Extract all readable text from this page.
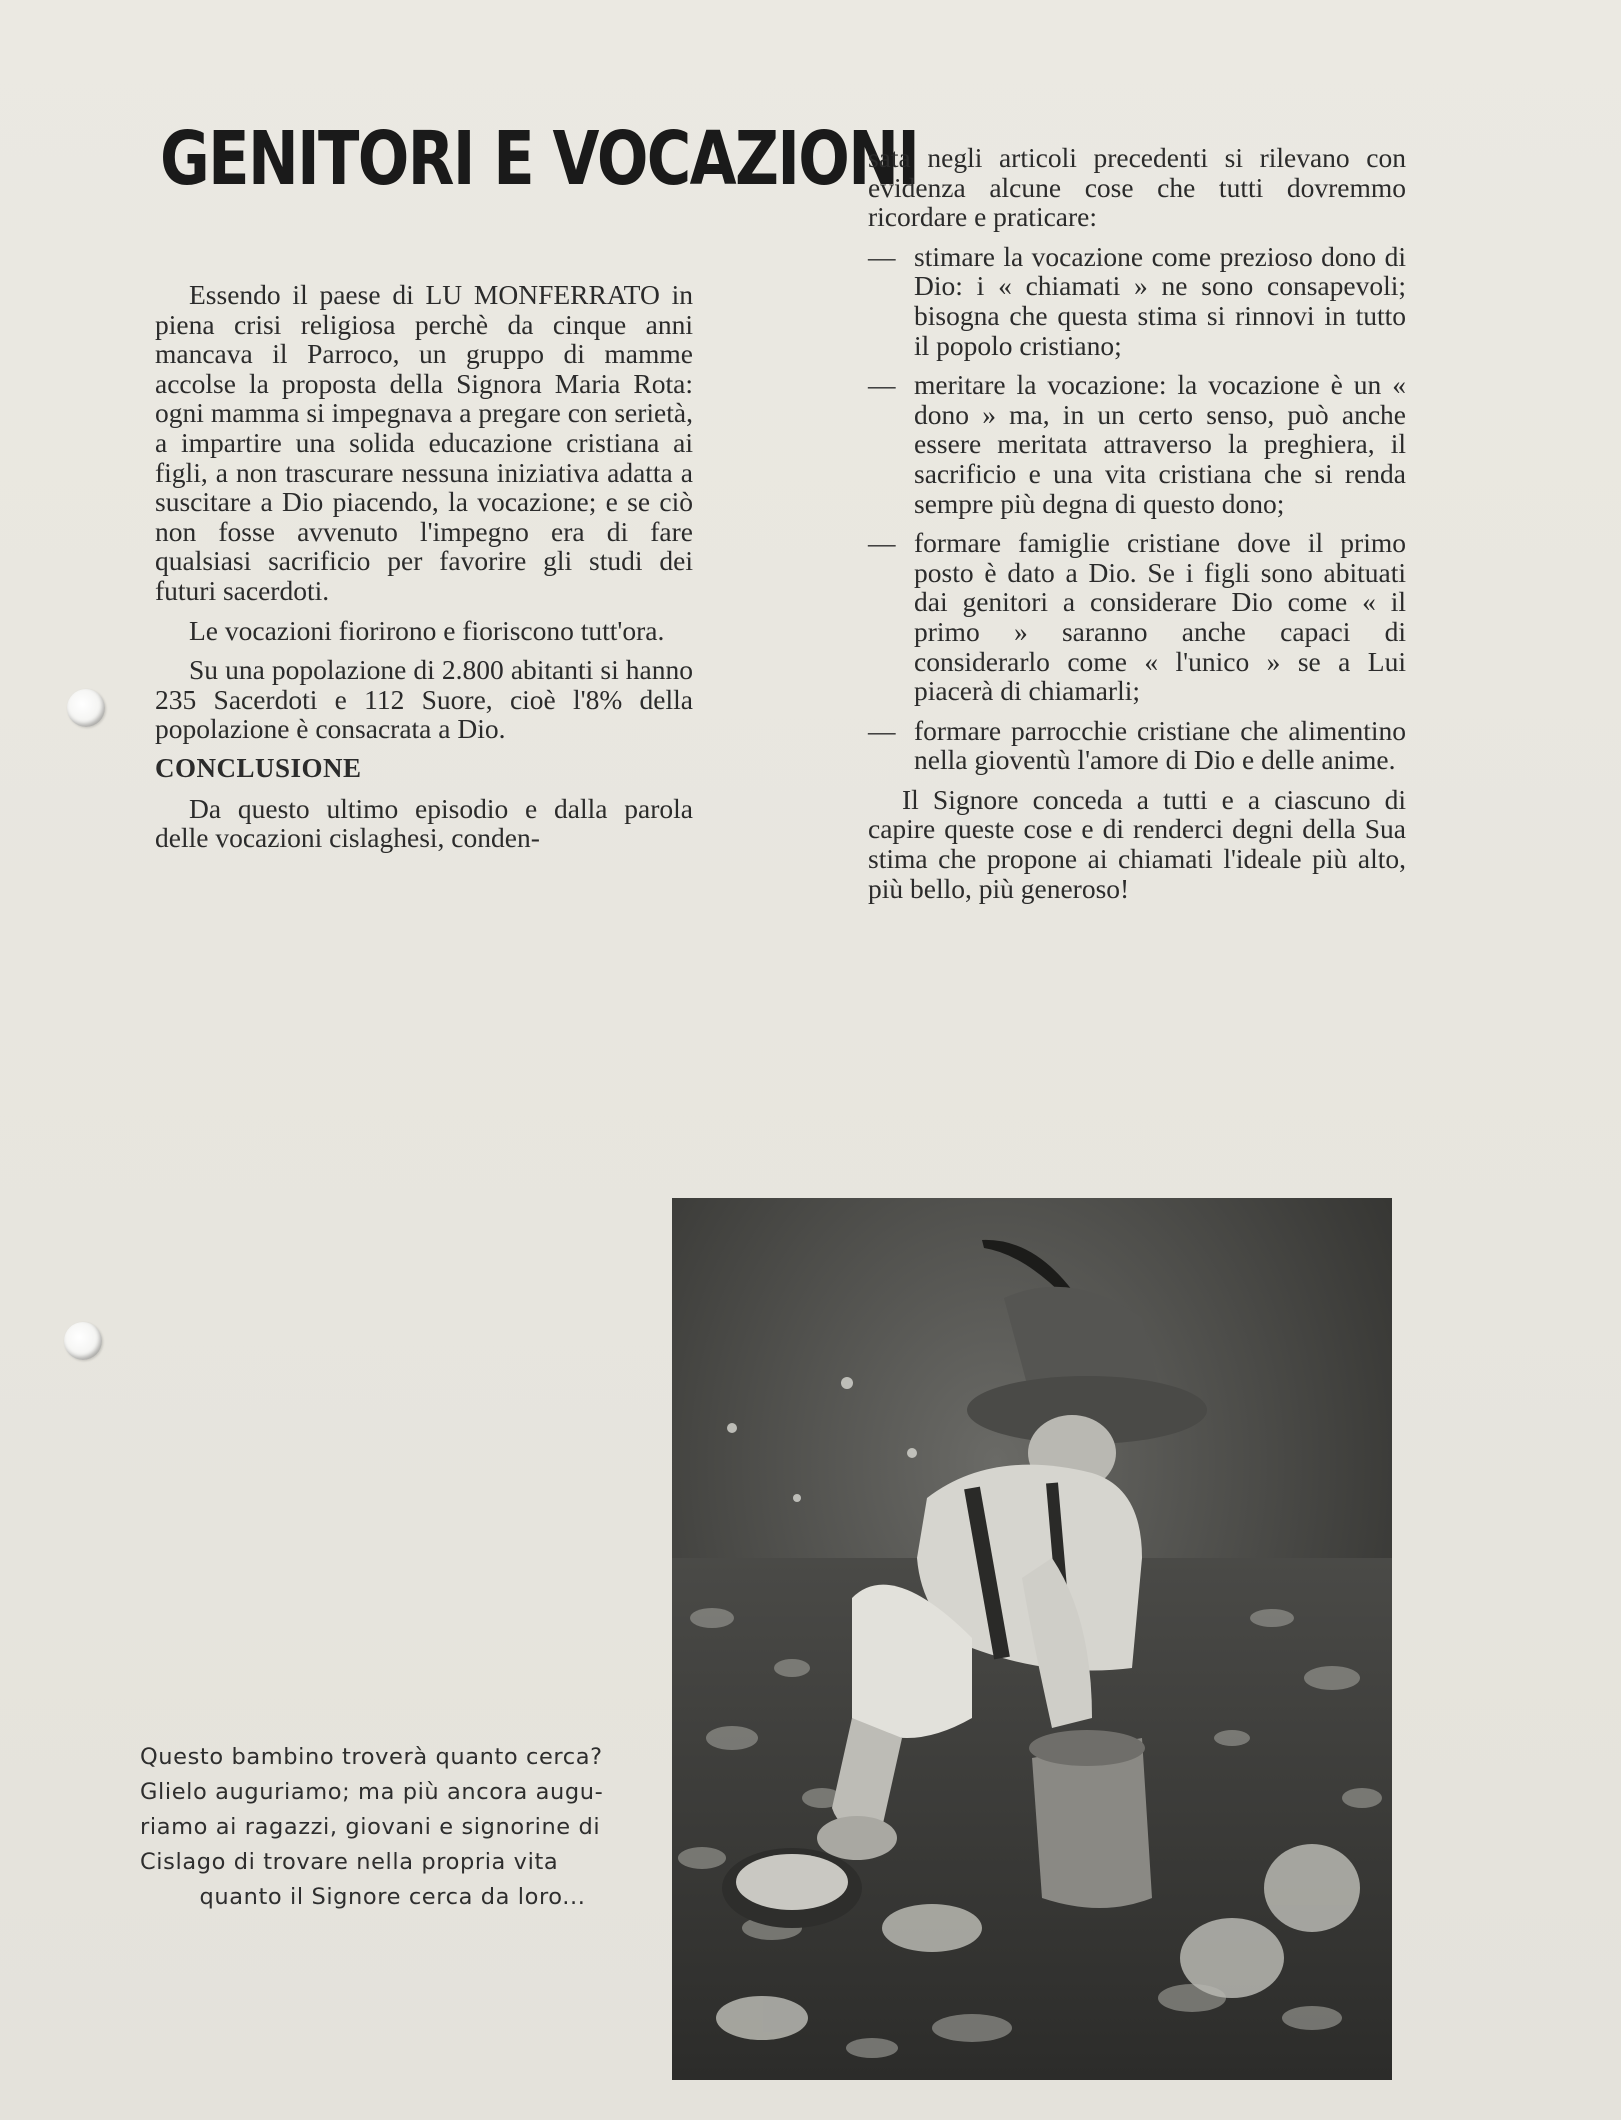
GENITORI E VOCAZIONI

Essendo il paese di LU MONFERRATO in piena crisi religiosa perchè da cinque anni mancava il Parroco, un gruppo di mamme accolse la proposta della Signora Maria Rota: ogni mamma si impegnava a pregare con serietà, a impartire una solida educazione cristiana ai figli, a non trascurare nessuna iniziativa adatta a suscitare a Dio piacendo, la vocazione; e se ciò non fosse avvenuto l'impegno era di fare qualsiasi sacrificio per favorire gli studi dei futuri sacerdoti.

Le vocazioni fiorirono e fioriscono tutt'ora.

Su una popolazione di 2.800 abitanti si hanno 235 Sacerdoti e 112 Suore, cioè l'8% della popolazione è consacrata a Dio.

CONCLUSIONE

Da questo ultimo episodio e dalla parola delle vocazioni cislaghesi, conden-

sata negli articoli precedenti si rilevano con evidenza alcune cose che tutti dovremmo ricordare e praticare:

— stimare la vocazione come prezioso dono di Dio: i « chiamati » ne sono consapevoli; bisogna che questa stima si rinnovi in tutto il popolo cristiano;
— meritare la vocazione: la vocazione è un « dono » ma, in un certo senso, può anche essere meritata attraverso la preghiera, il sacrificio e una vita cristiana che si renda sempre più degna di questo dono;
— formare famiglie cristiane dove il primo posto è dato a Dio. Se i figli sono abituati dai genitori a considerare Dio come « il primo » saranno anche capaci di considerarlo come « l'unico » se a Lui piacerà di chiamarli;
— formare parrocchie cristiane che alimentino nella gioventù l'amore di Dio e delle anime.

Il Signore conceda a tutti e a ciascuno di capire queste cose e di renderci degni della Sua stima che propone ai chiamati l'ideale più alto, più bello, più generoso!

Questo bambino troverà quanto cerca?
Glielo auguriamo; ma più ancora augu-
riamo ai ragazzi, giovani e signorine di
Cislago di trovare nella propria vita
quanto il Signore cerca da loro...
